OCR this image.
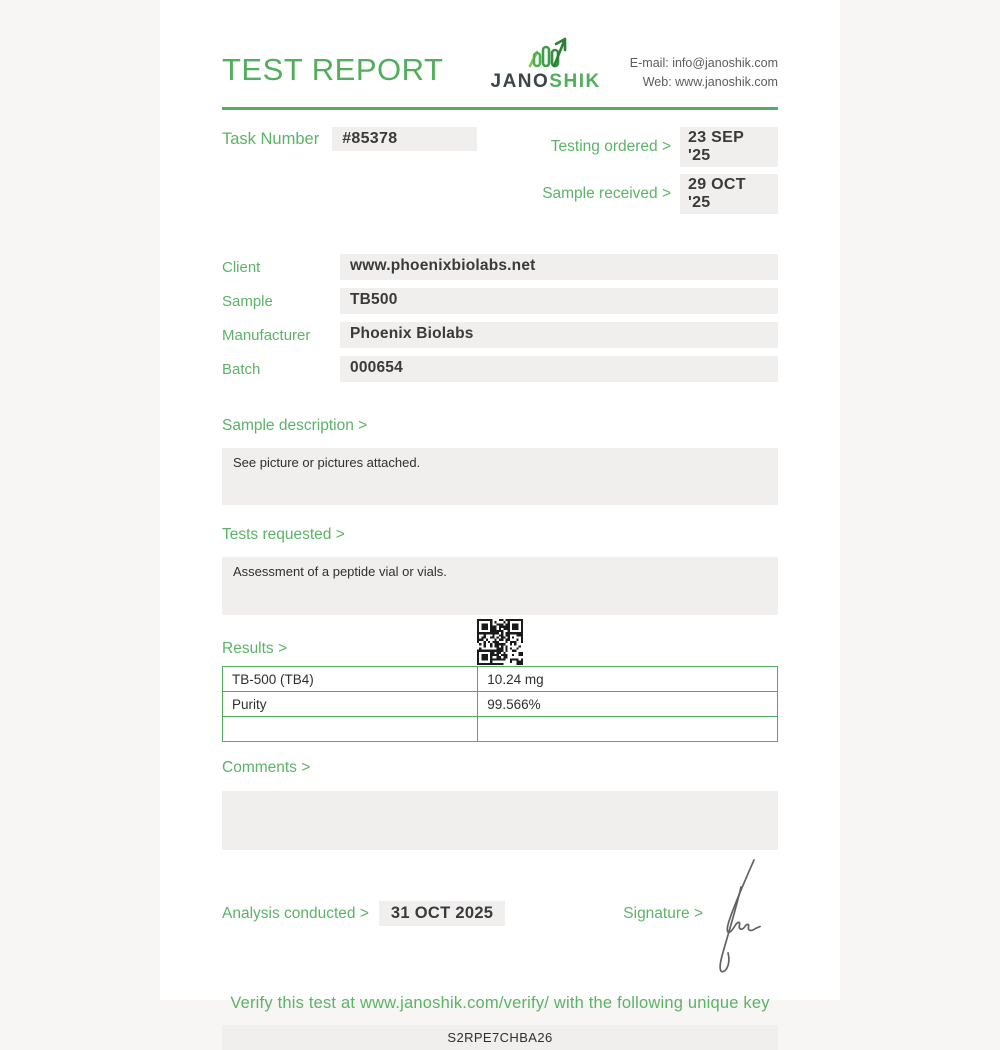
TEST REPORT JANOSHIK
E-mail: info@janoshik.com
Web: www.janoshik.com
Task Number	#85378	Testing ordered >
23 SEP '25
Sample received >
29 OCT '25
Client	www.phoenixbiolabs.net
Sample	TB500
Manufacturer	Phoenix Biolabs
Batch	000654
Sample description >
See picture or pictures attached.
Tests requested >
Assessment of a peptide vial or vials.
Results >
TB-500 (TB4)	10.24 mg
Purity	99.566%

Comments >
Analysis conducted >	31 OCT 2025	Signature >
Verify this test at www.janoshik.com/verify/ with the following unique key
S2RPE7CHBA26
